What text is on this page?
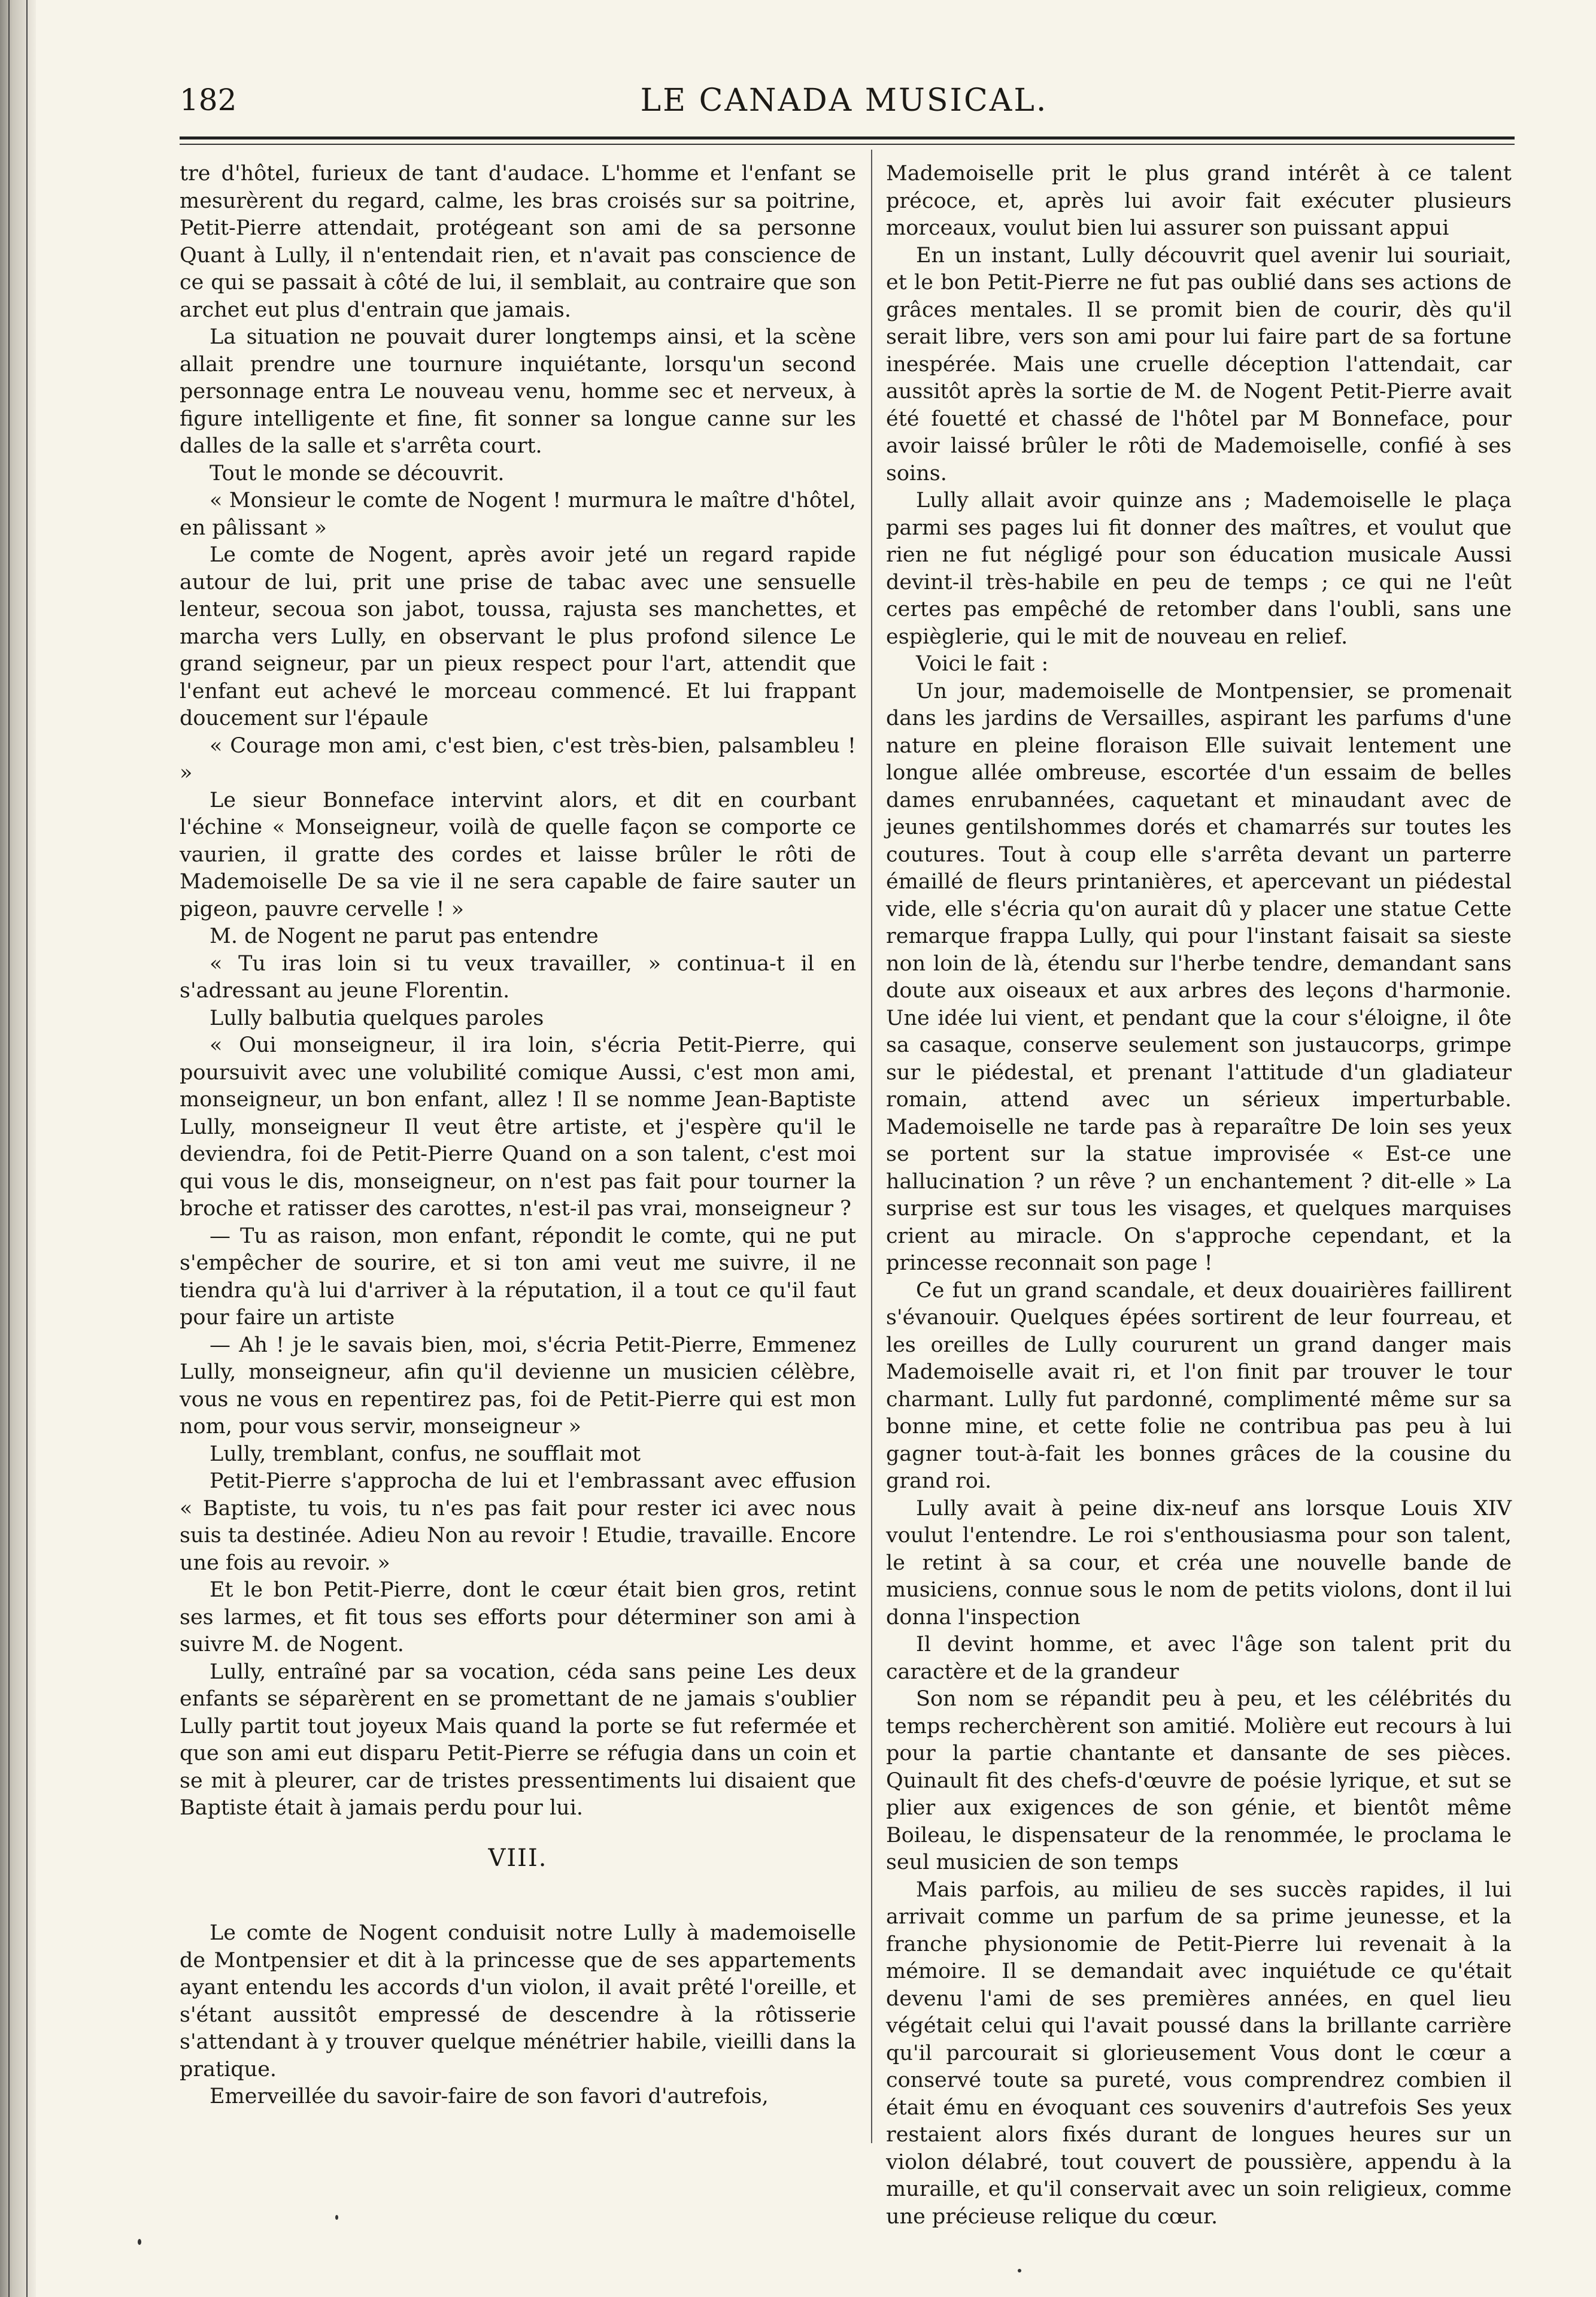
182	LE CANADA MUSICAL.

tre d'hôtel, furieux de tant d'audace. L'homme et l'enfant se mesurèrent du regard, calme, les bras croisés sur sa poitrine, Petit-Pierre attendait, protégeant son ami de sa personne Quant à Lully, il n'entendait rien, et n'avait pas conscience de ce qui se passait à côté de lui, il semblait, au contraire que son archet eut plus d'entrain que jamais.

La situation ne pouvait durer longtemps ainsi, et la scène allait prendre une tournure inquiétante, lorsqu'un second personnage entra Le nouveau venu, homme sec et nerveux, à figure intelligente et fine, fit sonner sa longue canne sur les dalles de la salle et s'arrêta court.

Tout le monde se découvrit.

« Monsieur le comte de Nogent ! murmura le maître d'hôtel, en pâlissant »

Le comte de Nogent, après avoir jeté un regard rapide autour de lui, prit une prise de tabac avec une sensuelle lenteur, secoua son jabot, toussa, rajusta ses manchettes, et marcha vers Lully, en observant le plus profond silence Le grand seigneur, par un pieux respect pour l'art, attendit que l'enfant eut achevé le morceau commencé. Et lui frappant doucement sur l'épaule

« Courage mon ami, c'est bien, c'est très-bien, palsambleu ! »

Le sieur Bonneface intervint alors, et dit en courbant l'échine « Monseigneur, voilà de quelle façon se comporte ce vaurien, il gratte des cordes et laisse brûler le rôti de Mademoiselle De sa vie il ne sera capable de faire sauter un pigeon, pauvre cervelle ! »

M. de Nogent ne parut pas entendre

« Tu iras loin si tu veux travailler, » continua-t il en s'adressant au jeune Florentin.

Lully balbutia quelques paroles

« Oui monseigneur, il ira loin, s'écria Petit-Pierre, qui poursuivit avec une volubilité comique Aussi, c'est mon ami, monseigneur, un bon enfant, allez ! Il se nomme Jean-Baptiste Lully, monseigneur Il veut être artiste, et j'espère qu'il le deviendra, foi de Petit-Pierre Quand on a son talent, c'est moi qui vous le dis, monseigneur, on n'est pas fait pour tourner la broche et ratisser des carottes, n'est-il pas vrai, monseigneur ?

— Tu as raison, mon enfant, répondit le comte, qui ne put s'empêcher de sourire, et si ton ami veut me suivre, il ne tiendra qu'à lui d'arriver à la réputation, il a tout ce qu'il faut pour faire un artiste

— Ah ! je le savais bien, moi, s'écria Petit-Pierre, Emmenez Lully, monseigneur, afin qu'il devienne un musicien célèbre, vous ne vous en repentirez pas, foi de Petit-Pierre qui est mon nom, pour vous servir, monseigneur »

Lully, tremblant, confus, ne soufflait mot

Petit-Pierre s'approcha de lui et l'embrassant avec effusion « Baptiste, tu vois, tu n'es pas fait pour rester ici avec nous suis ta destinée. Adieu Non au revoir ! Etudie, travaille. Encore une fois au revoir. »

Et le bon Petit-Pierre, dont le cœur était bien gros, retint ses larmes, et fit tous ses efforts pour déterminer son ami à suivre M. de Nogent.

Lully, entraîné par sa vocation, céda sans peine Les deux enfants se séparèrent en se promettant de ne jamais s'oublier Lully partit tout joyeux Mais quand la porte se fut refermée et que son ami eut disparu Petit-Pierre se réfugia dans un coin et se mit à pleurer, car de tristes pressentiments lui disaient que Baptiste était à jamais perdu pour lui.

VIII.

Le comte de Nogent conduisit notre Lully à mademoiselle de Montpensier et dit à la princesse que de ses appartements ayant entendu les accords d'un violon, il avait prêté l'oreille, et s'étant aussitôt empressé de descendre à la rôtisserie s'attendant à y trouver quelque ménétrier habile, vieilli dans la pratique.

Emerveillée du savoir-faire de son favori d'autrefois,

Mademoiselle prit le plus grand intérêt à ce talent précoce, et, après lui avoir fait exécuter plusieurs morceaux, voulut bien lui assurer son puissant appui

En un instant, Lully découvrit quel avenir lui souriait, et le bon Petit-Pierre ne fut pas oublié dans ses actions de grâces mentales. Il se promit bien de courir, dès qu'il serait libre, vers son ami pour lui faire part de sa fortune inespérée. Mais une cruelle déception l'attendait, car aussitôt après la sortie de M. de Nogent Petit-Pierre avait été fouetté et chassé de l'hôtel par M Bonneface, pour avoir laissé brûler le rôti de Mademoiselle, confié à ses soins.

Lully allait avoir quinze ans ; Mademoiselle le plaça parmi ses pages lui fit donner des maîtres, et voulut que rien ne fut négligé pour son éducation musicale Aussi devint-il très-habile en peu de temps ; ce qui ne l'eût certes pas empêché de retomber dans l'oubli, sans une espièglerie, qui le mit de nouveau en relief.

Voici le fait :

Un jour, mademoiselle de Montpensier, se promenait dans les jardins de Versailles, aspirant les parfums d'une nature en pleine floraison Elle suivait lentement une longue allée ombreuse, escortée d'un essaim de belles dames enrubannées, caquetant et minaudant avec de jeunes gentilshommes dorés et chamarrés sur toutes les coutures. Tout à coup elle s'arrêta devant un parterre émaillé de fleurs printanières, et apercevant un piédestal vide, elle s'écria qu'on aurait dû y placer une statue Cette remarque frappa Lully, qui pour l'instant faisait sa sieste non loin de là, étendu sur l'herbe tendre, demandant sans doute aux oiseaux et aux arbres des leçons d'harmonie. Une idée lui vient, et pendant que la cour s'éloigne, il ôte sa casaque, conserve seulement son justaucorps, grimpe sur le piédestal, et prenant l'attitude d'un gladiateur romain, attend avec un sérieux imperturbable. Mademoiselle ne tarde pas à reparaître De loin ses yeux se portent sur la statue improvisée « Est-ce une hallucination ? un rêve ? un enchantement ? dit-elle » La surprise est sur tous les visages, et quelques marquises crient au miracle. On s'approche cependant, et la princesse reconnait son page !

Ce fut un grand scandale, et deux douairières faillirent s'évanouir. Quelques épées sortirent de leur fourreau, et les oreilles de Lully coururent un grand danger mais Mademoiselle avait ri, et l'on finit par trouver le tour charmant. Lully fut pardonné, complimenté même sur sa bonne mine, et cette folie ne contribua pas peu à lui gagner tout-à-fait les bonnes grâces de la cousine du grand roi.

Lully avait à peine dix-neuf ans lorsque Louis XIV voulut l'entendre. Le roi s'enthousiasma pour son talent, le retint à sa cour, et créa une nouvelle bande de musiciens, connue sous le nom de petits violons, dont il lui donna l'inspection

Il devint homme, et avec l'âge son talent prit du caractère et de la grandeur

Son nom se répandit peu à peu, et les célébrités du temps recherchèrent son amitié. Molière eut recours à lui pour la partie chantante et dansante de ses pièces. Quinault fit des chefs-d'œuvre de poésie lyrique, et sut se plier aux exigences de son génie, et bientôt même Boileau, le dispensateur de la renommée, le proclama le seul musicien de son temps

Mais parfois, au milieu de ses succès rapides, il lui arrivait comme un parfum de sa prime jeunesse, et la franche physionomie de Petit-Pierre lui revenait à la mémoire. Il se demandait avec inquiétude ce qu'était devenu l'ami de ses premières années, en quel lieu végétait celui qui l'avait poussé dans la brillante carrière qu'il parcourait si glorieusement Vous dont le cœur a conservé toute sa pureté, vous comprendrez combien il était ému en évoquant ces souvenirs d'autrefois Ses yeux restaient alors fixés durant de longues heures sur un violon délabré, tout couvert de poussière, appendu à la muraille, et qu'il conservait avec un soin religieux, comme une précieuse relique du cœur.
